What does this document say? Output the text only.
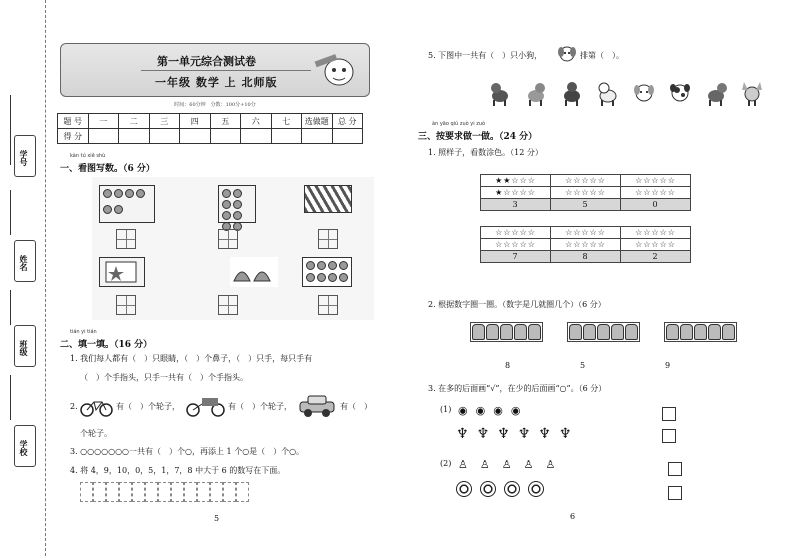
学号
姓名
班级
学校
第一单元综合测试卷
一年级 数学 上 北师版
时间：60分钟　分数：100分+10分
题 号	一	二	三	四	五	六	七	选做题	总 分
得 分									
kàn tú xiě shù
一、看图写数。（6 分）
tián yi tián
二、填一填。（16 分）
1. 我们每人都有（　）只眼睛，（　）个鼻子，（　）只手，每只手有
（　）个手指头，只手一共有（　）个手指头。
2.	有（　）个轮子，	有（　）个轮子，	有（　）
个轮子。
3. ○○○○○○○一共有（　）个○，再添上 1 个○是（　）个○。
4. 将 4，9，10，0，5，1，7，8 中大于 6 的数写在下面。
5
5. 下图中一共有（　）只小狗，	排第（　）。
àn yāo qiú zuò yi zuò
三、按要求做一做。（24 分）
1. 照样子，看数涂色。（12 分）
★★☆☆☆	☆☆☆☆☆	☆☆☆☆☆
★☆☆☆☆	☆☆☆☆☆	☆☆☆☆☆
3	5	0
☆☆☆☆☆	☆☆☆☆☆	☆☆☆☆☆
☆☆☆☆☆	☆☆☆☆☆	☆☆☆☆☆
7	8	2
2. 根据数字圈一圈。（数字是几就圈几个）（6 分）
8	5	9
3. 在多的后面画“√”，在少的后面画“○”。（6 分）
(1) ◉ ◉ ◉ ◉
♆ ♆ ♆ ♆ ♆ ♆
(2) ♙ ♙ ♙ ♙ ♙
6
